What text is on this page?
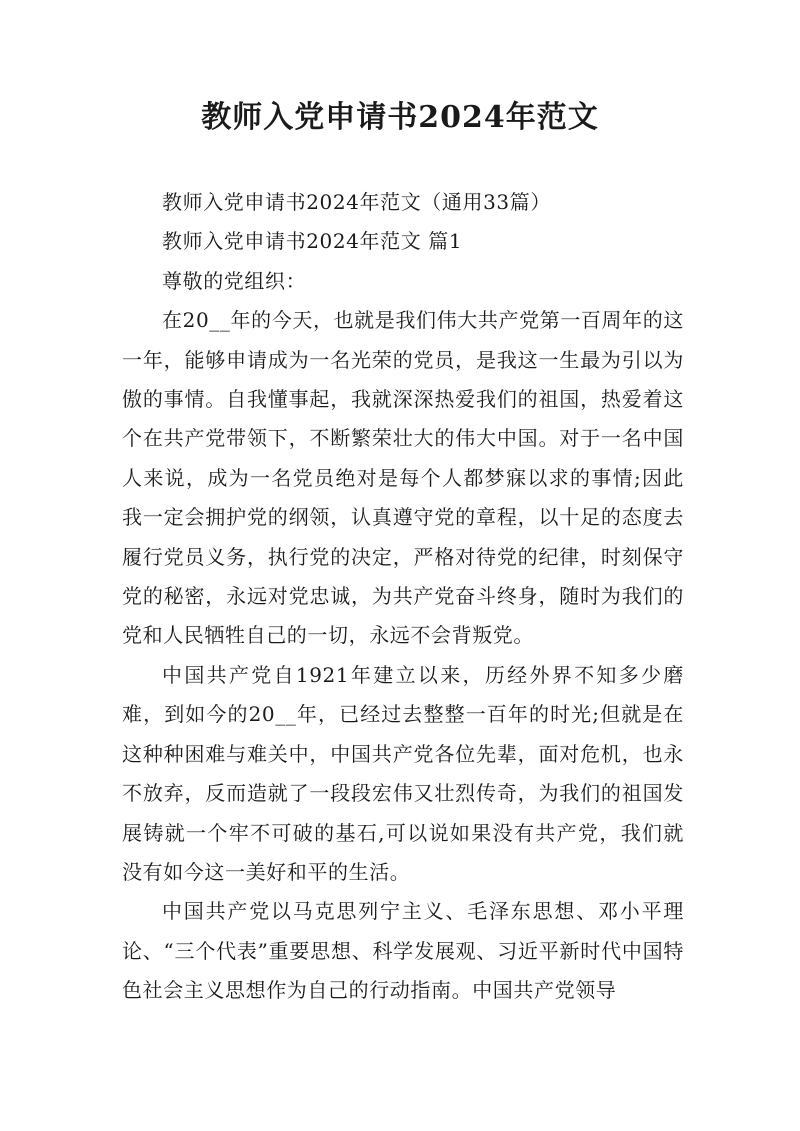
教师入党申请书2024年范文

教师入党申请书2024年范文（通用33篇）

教师入党申请书2024年范文 篇1

尊敬的党组织：

在20__年的今天，也就是我们伟大共产党第一百周年的这一年，能够申请成为一名光荣的党员，是我这一生最为引以为傲的事情。自我懂事起，我就深深热爱我们的祖国，热爱着这个在共产党带领下，不断繁荣壮大的伟大中国。对于一名中国人来说，成为一名党员绝对是每个人都梦寐以求的事情;因此我一定会拥护党的纲领，认真遵守党的章程，以十足的态度去履行党员义务，执行党的决定，严格对待党的纪律，时刻保守党的秘密，永远对党忠诚，为共产党奋斗终身，随时为我们的党和人民牺牲自己的一切，永远不会背叛党。

中国共产党自1921年建立以来，历经外界不知多少磨难，到如今的20__年，已经过去整整一百年的时光;但就是在这种种困难与难关中，中国共产党各位先辈，面对危机，也永不放弃，反而造就了一段段宏伟又壮烈传奇，为我们的祖国发展铸就一个牢不可破的基石,可以说如果没有共产党，我们就没有如今这一美好和平的生活。

中国共产党以马克思列宁主义、毛泽东思想、邓小平理论、“三个代表”重要思想、科学发展观、习近平新时代中国特色社会主义思想作为自己的行动指南。中国共产党领导
